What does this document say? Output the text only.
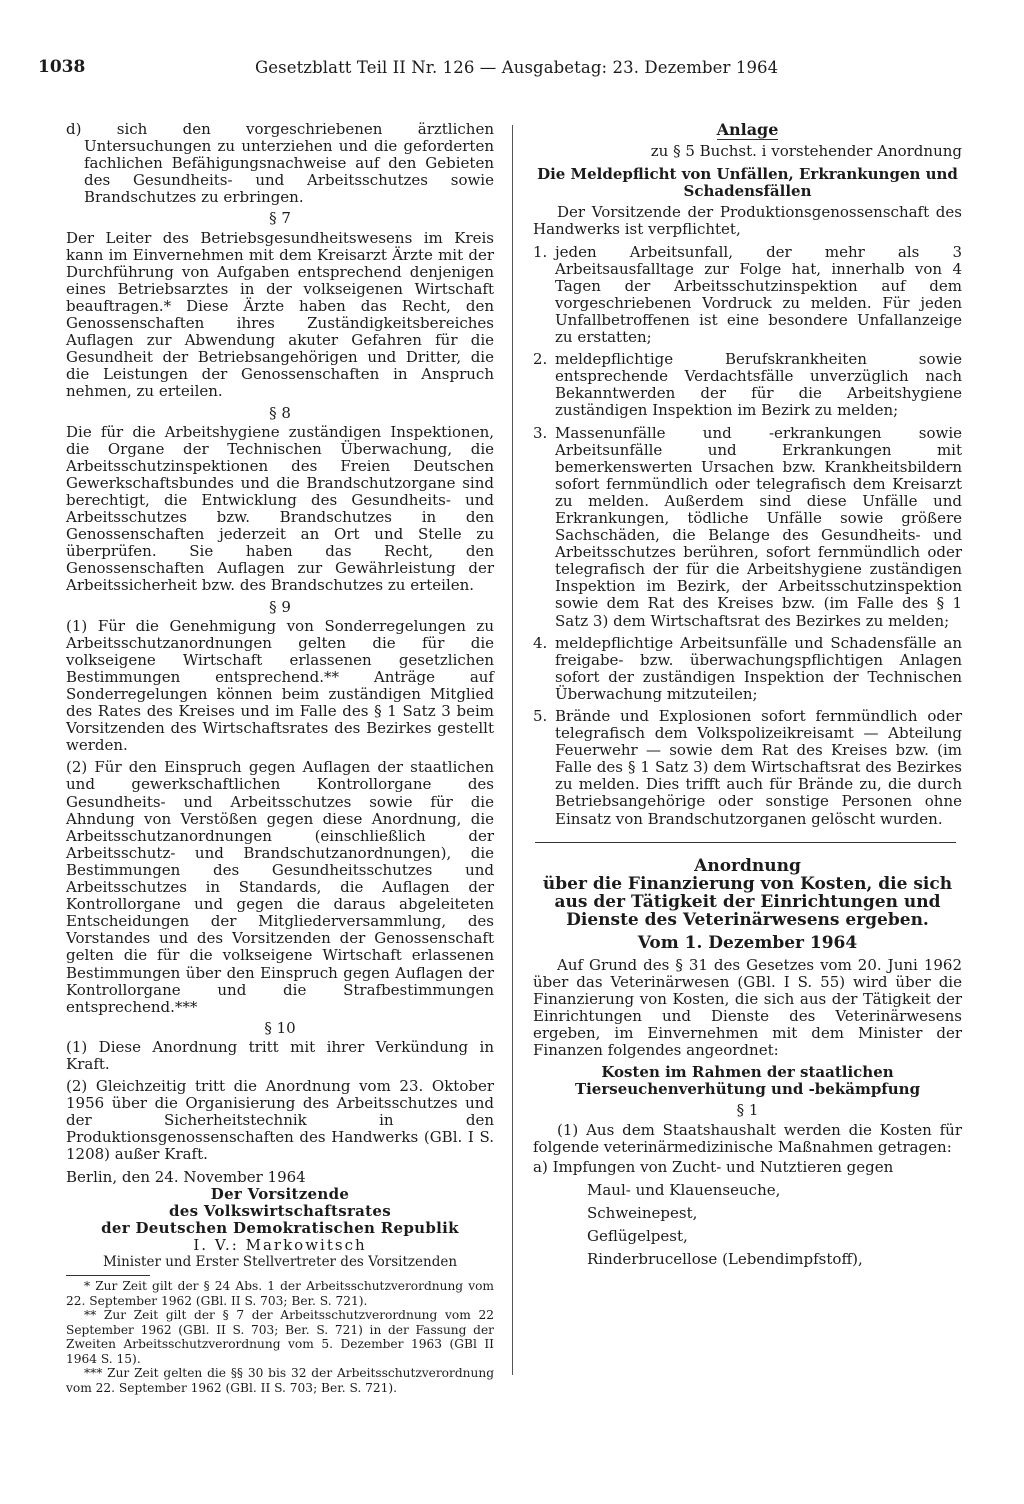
1038	Gesetzblatt Teil II Nr. 126 — Ausgabetag: 23. Dezember 1964

d) sich den vorgeschriebenen ärztlichen Untersuchungen zu unterziehen und die geforderten fachlichen Befähigungsnachweise auf den Gebieten des Gesundheits- und Arbeitsschutzes sowie Brandschutzes zu erbringen.

§ 7

Der Leiter des Betriebsgesundheitswesens im Kreis kann im Einvernehmen mit dem Kreisarzt Ärzte mit der Durchführung von Aufgaben entsprechend denjenigen eines Betriebsarztes in der volkseigenen Wirtschaft beauftragen.* Diese Ärzte haben das Recht, den Genossenschaften ihres Zuständigkeitsbereiches Auflagen zur Abwendung akuter Gefahren für die Gesundheit der Betriebsangehörigen und Dritter, die die Leistungen der Genossenschaften in Anspruch nehmen, zu erteilen.

§ 8

Die für die Arbeitshygiene zuständigen Inspektionen, die Organe der Technischen Überwachung, die Arbeitsschutzinspektionen des Freien Deutschen Gewerkschaftsbundes und die Brandschutzorgane sind berechtigt, die Entwicklung des Gesundheits- und Arbeitsschutzes bzw. Brandschutzes in den Genossenschaften jederzeit an Ort und Stelle zu überprüfen. Sie haben das Recht, den Genossenschaften Auflagen zur Gewährleistung der Arbeitssicherheit bzw. des Brandschutzes zu erteilen.

§ 9

(1) Für die Genehmigung von Sonderregelungen zu Arbeitsschutzanordnungen gelten die für die volkseigene Wirtschaft erlassenen gesetzlichen Bestimmungen entsprechend.** Anträge auf Sonderregelungen können beim zuständigen Mitglied des Rates des Kreises und im Falle des § 1 Satz 3 beim Vorsitzenden des Wirtschaftsrates des Bezirkes gestellt werden.

(2) Für den Einspruch gegen Auflagen der staatlichen und gewerkschaftlichen Kontrollorgane des Gesundheits- und Arbeitsschutzes sowie für die Ahndung von Verstößen gegen diese Anordnung, die Arbeitsschutzanordnungen (einschließlich der Arbeitsschutz- und Brandschutzanordnungen), die Bestimmungen des Gesundheitsschutzes und Arbeitsschutzes in Standards, die Auflagen der Kontrollorgane und gegen die daraus abgeleiteten Entscheidungen der Mitgliederversammlung, des Vorstandes und des Vorsitzenden der Genossenschaft gelten die für die volkseigene Wirtschaft erlassenen Bestimmungen über den Einspruch gegen Auflagen der Kontrollorgane und die Strafbestimmungen entsprechend.***

§ 10

(1) Diese Anordnung tritt mit ihrer Verkündung in Kraft.

(2) Gleichzeitig tritt die Anordnung vom 23. Oktober 1956 über die Organisierung des Arbeitsschutzes und der Sicherheitstechnik in den Produktionsgenossenschaften des Handwerks (GBl. I S. 1208) außer Kraft.

Berlin, den 24. November 1964

Der Vorsitzende

des Volkswirtschaftsrates

der Deutschen Demokratischen Republik

I. V.: Markowitsch

Minister und Erster Stellvertreter des Vorsitzenden

* Zur Zeit gilt der § 24 Abs. 1 der Arbeitsschutzverordnung vom 22. September 1962 (GBl. II S. 703; Ber. S. 721).

** Zur Zeit gilt der § 7 der Arbeitsschutzverordnung vom 22 September 1962 (GBl. II S. 703; Ber. S. 721) in der Fassung der Zweiten Arbeitsschutzverordnung vom 5. Dezember 1963 (GBl II 1964 S. 15).

*** Zur Zeit gelten die §§ 30 bis 32 der Arbeitsschutzverordnung vom 22. September 1962 (GBl. II S. 703; Ber. S. 721).

Anlage

zu § 5 Buchst. i vorstehender Anordnung

Die Meldepflicht von Unfällen, Erkrankungen und Schadensfällen

Der Vorsitzende der Produktionsgenossenschaft des Handwerks ist verpflichtet,

1. jeden Arbeitsunfall, der mehr als 3 Arbeitsausfalltage zur Folge hat, innerhalb von 4 Tagen der Arbeitsschutzinspektion auf dem vorgeschriebenen Vordruck zu melden. Für jeden Unfallbetroffenen ist eine besondere Unfallanzeige zu erstatten;
2. meldepflichtige Berufskrankheiten sowie entsprechende Verdachtsfälle unverzüglich nach Bekanntwerden der für die Arbeitshygiene zuständigen Inspektion im Bezirk zu melden;
3. Massenunfälle und -erkrankungen sowie Arbeitsunfälle und Erkrankungen mit bemerkenswerten Ursachen bzw. Krankheitsbildern sofort fernmündlich oder telegrafisch dem Kreisarzt zu melden. Außerdem sind diese Unfälle und Erkrankungen, tödliche Unfälle sowie größere Sachschäden, die Belange des Gesundheits- und Arbeitsschutzes berühren, sofort fernmündlich oder telegrafisch der für die Arbeitshygiene zuständigen Inspektion im Bezirk, der Arbeitsschutzinspektion sowie dem Rat des Kreises bzw. (im Falle des § 1 Satz 3) dem Wirtschaftsrat des Bezirkes zu melden;
4. meldepflichtige Arbeitsunfälle und Schadensfälle an freigabe- bzw. überwachungspflichtigen Anlagen sofort der zuständigen Inspektion der Technischen Überwachung mitzuteilen;
5. Brände und Explosionen sofort fernmündlich oder telegrafisch dem Volkspolizeikreisamt — Abteilung Feuerwehr — sowie dem Rat des Kreises bzw. (im Falle des § 1 Satz 3) dem Wirtschaftsrat des Bezirkes zu melden. Dies trifft auch für Brände zu, die durch Betriebsangehörige oder sonstige Personen ohne Einsatz von Brandschutzorganen gelöscht wurden.

Anordnung

über die Finanzierung von Kosten, die sich aus der Tätigkeit der Einrichtungen und Dienste des Veterinärwesens ergeben.

Vom 1. Dezember 1964

Auf Grund des § 31 des Gesetzes vom 20. Juni 1962 über das Veterinärwesen (GBl. I S. 55) wird über die Finanzierung von Kosten, die sich aus der Tätigkeit der Einrichtungen und Dienste des Veterinärwesens ergeben, im Einvernehmen mit dem Minister der Finanzen folgendes angeordnet:

Kosten im Rahmen der staatlichen Tierseuchenverhütung und -bekämpfung

§ 1

(1) Aus dem Staatshaushalt werden die Kosten für folgende veterinärmedizinische Maßnahmen getragen:

a) Impfungen von Zucht- und Nutztieren gegen

Maul- und Klauenseuche,

Schweinepest,

Geflügelpest,

Rinderbrucellose (Lebendimpfstoff),
